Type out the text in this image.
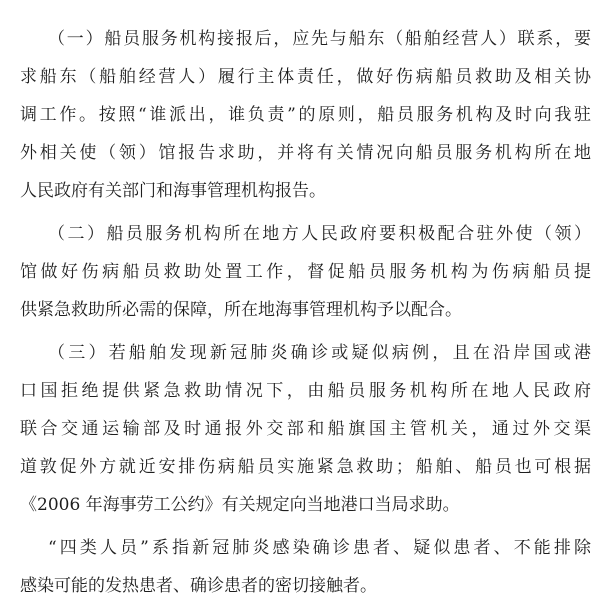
（一）船员服务机构接报后，应先与船东（船舶经营人）联系，要
求船东（船舶经营人）履行主体责任，做好伤病船员救助及相关协
调工作。按照“谁派出，谁负责”的原则，船员服务机构及时向我驻
外相关使（领）馆报告求助，并将有关情况向船员服务机构所在地
人民政府有关部门和海事管理机构报告。
（二）船员服务机构所在地方人民政府要积极配合驻外使（领）
馆做好伤病船员救助处置工作，督促船员服务机构为伤病船员提
供紧急救助所必需的保障，所在地海事管理机构予以配合。
（三）若船舶发现新冠肺炎确诊或疑似病例，且在沿岸国或港
口国拒绝提供紧急救助情况下，由船员服务机构所在地人民政府
联合交通运输部及时通报外交部和船旗国主管机关，通过外交渠
道敦促外方就近安排伤病船员实施紧急救助；船舶、船员也可根据
《2006 年海事劳工公约》有关规定向当地港口当局求助。
“四类人员”系指新冠肺炎感染确诊患者、疑似患者、不能排除
感染可能的发热患者、确诊患者的密切接触者。
